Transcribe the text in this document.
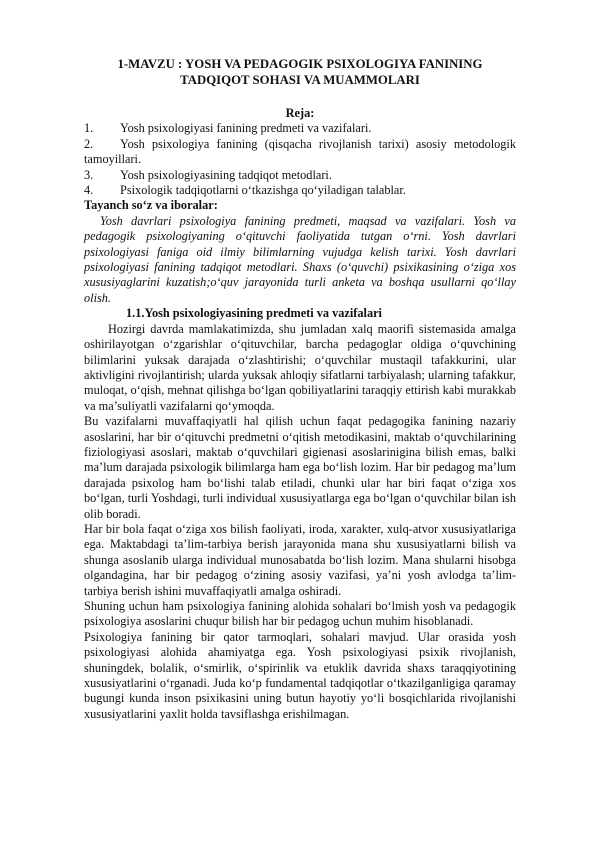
1-MAVZU : YOSH VA PEDAGOGIK PSIXOLOGIYA FANINING TADQIQOT SOHASI VA MUAMMOLARI

Reja:
1.	Yosh psixologiyasi fanining predmeti va vazifalari.
2. Yosh psixologiya fanining (qisqacha rivojlanish tarixi) asosiy metodologik tamoyillari.
3.	Yosh psixologiyasining tadqiqot metodlari.
4.	Psixologik tadqiqotlarni o‘tkazishga qo‘yiladigan talablar.
Tayanch so‘z va iboralar:

Yosh davrlari psixologiya fanining predmeti, maqsad va vazifalari. Yosh va pedagogik psixologiyaning o‘qituvchi faoliyatida tutgan o‘rni. Yosh davrlari psixologiyasi faniga oid ilmiy bilimlarning vujudga kelish tarixi. Yosh davrlari psixologiyasi fanining tadqiqot metodlari. Shaxs (o‘quvchi) psixikasining o‘ziga xos xususiyaglarini kuzatish;o‘quv jarayonida turli anketa va boshqa usullarni qo‘llay olish.

1.1.Yosh psixologiyasining predmeti va vazifalari

Hozirgi davrda mamlakatimizda, shu jumladan xalq maorifi sistemasida amalga oshirilayotgan o‘zgarishlar o‘qituvchilar, barcha pedagoglar oldiga o‘quvchining bilimlarini yuksak darajada o‘zlashtirishi; o‘quvchilar mustaqil tafakkurini, ular aktivligini rivojlantirish; ularda yuksak ahloqiy sifatlarni tarbiyalash; ularning tafakkur, muloqat, o‘qish, mehnat qilishga bo‘lgan qobiliyatlarini taraqqiy ettirish kabi murakkab va ma’suliyatli vazifalarni qo‘ymoqda.

Bu vazifalarni muvaffaqiyatli hal qilish uchun faqat pedagogika fanining nazariy asoslarini, har bir o‘qituvchi predmetni o‘qitish metodikasini, maktab o‘quvchilarining fiziologiyasi asoslari, maktab o‘quvchilari gigienasi asoslarinigina bilish emas, balki ma’lum darajada psixologik bilimlarga ham ega bo‘lish lozim. Har bir pedagog ma’lum darajada psixolog ham bo‘lishi talab etiladi, chunki ular har biri faqat o‘ziga xos bo‘lgan, turli Yoshdagi, turli individual xususiyatlarga ega bo‘lgan o‘quvchilar bilan ish olib boradi.

Har bir bola faqat o‘ziga xos bilish faoliyati, iroda, xarakter, xulq-atvor xususiyatlariga ega. Maktabdagi ta’lim-tarbiya berish jarayonida mana shu xususiyatlarni bilish va shunga asoslanib ularga individual munosabatda bo‘lish lozim. Mana shularni hisobga olgandagina, har bir pedagog o‘zining asosiy vazifasi, ya’ni yosh avlodga ta’lim-tarbiya berish ishini muvaffaqiyatli amalga oshiradi.

Shuning uchun ham psixologiya fanining alohida sohalari bo‘lmish yosh va pedagogik psixologiya asoslarini chuqur bilish har bir pedagog uchun muhim hisoblanadi.

Psixologiya fanining bir qator tarmoqlari, sohalari mavjud. Ular orasida yosh psixologiyasi alohida ahamiyatga ega. Yosh psixologiyasi psixik rivojlanish, shuningdek, bolalik, o‘smirlik, o‘spirinlik va etuklik davrida shaxs taraqqiyotining xususiyatlarini o‘rganadi. Juda ko‘p fundamental tadqiqotlar o‘tkazilganligiga qaramay bugungi kunda inson psixikasini uning butun hayotiy yo‘li bosqichlarida rivojlanishi xususiyatlarini yaxlit holda tavsiflashga erishilmagan.
